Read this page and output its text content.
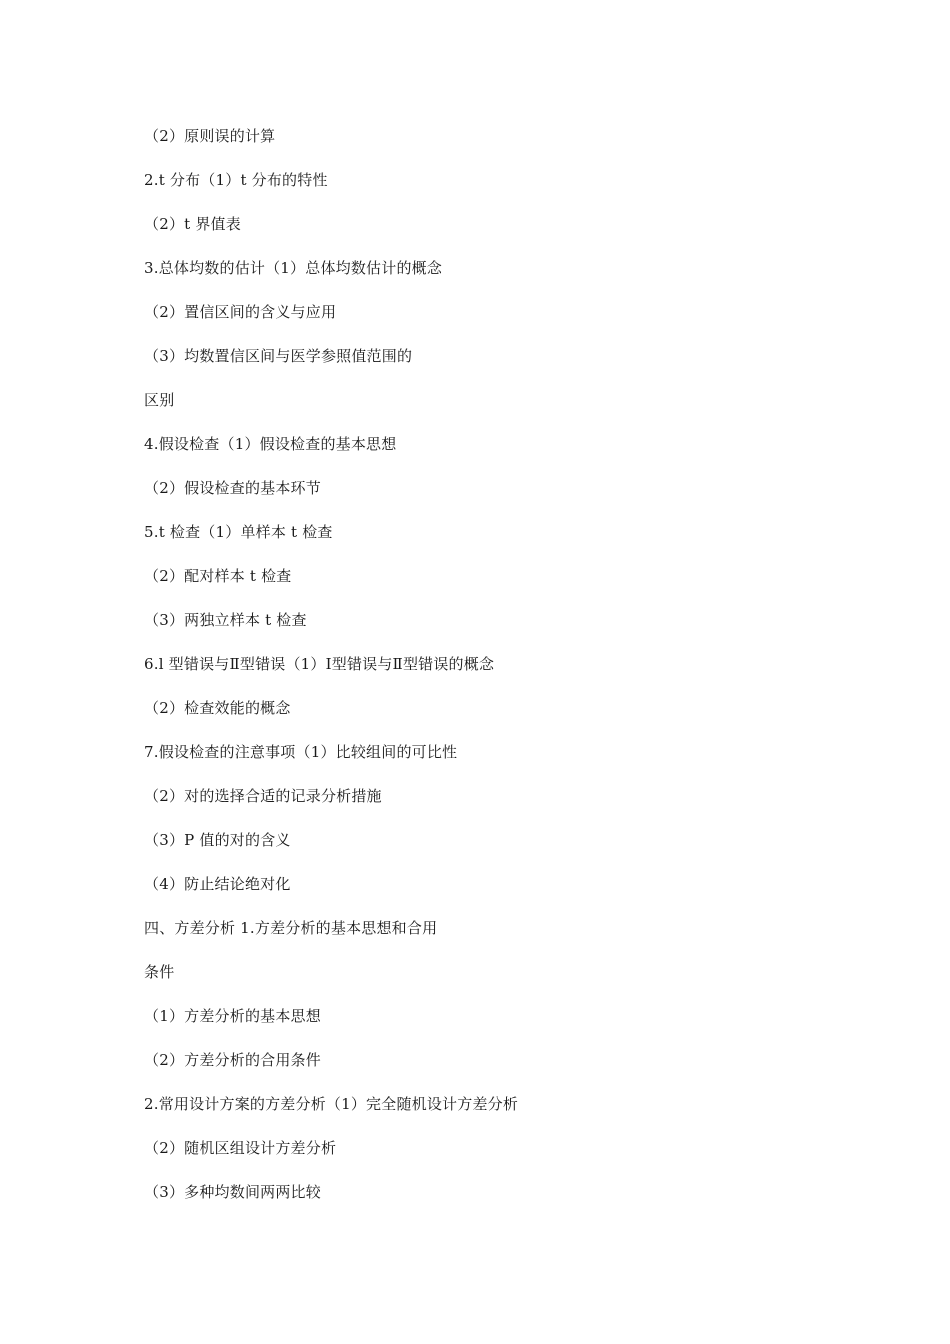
（2）原则误的计算
2.t 分布（1）t 分布的特性
（2）t 界值表
3.总体均数的估计（1）总体均数估计的概念
（2）置信区间的含义与应用
（3）均数置信区间与医学参照值范围的
区别
4.假设检查（1）假设检查的基本思想
（2）假设检查的基本环节
5.t 检查（1）单样本 t 检查
（2）配对样本 t 检查
（3）两独立样本 t 检查
6.l 型错误与Ⅱ型错误（1）Ⅰ型错误与Ⅱ型错误的概念
（2）检查效能的概念
7.假设检查的注意事项（1）比较组间的可比性
（2）对的选择合适的记录分析措施
（3）P 值的对的含义
（4）防止结论绝对化
四、方差分析 1.方差分析的基本思想和合用
条件
（1）方差分析的基本思想
（2）方差分析的合用条件
2.常用设计方案的方差分析（1）完全随机设计方差分析
（2）随机区组设计方差分析
（3）多种均数间两两比较
